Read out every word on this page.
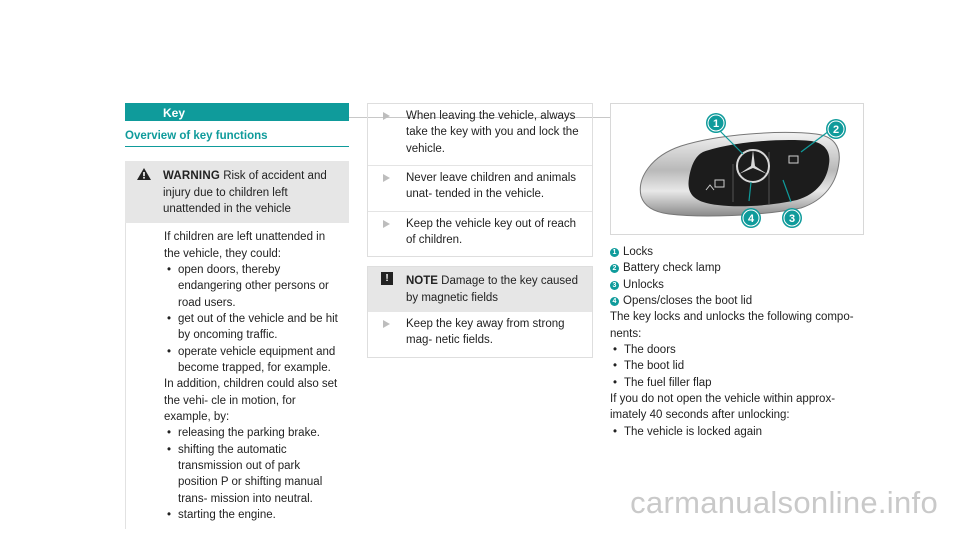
Key
Overview of key functions
WARNING Risk of accident and injury due to children left unattended in the vehicle
If children are left unattended in the vehicle, they could:
• open doors, thereby endangering other persons or road users.
• get out of the vehicle and be hit by oncoming traffic.
• operate vehicle equipment and become trapped, for example.
In addition, children could also set the vehi- cle in motion, for example, by:
• releasing the parking brake.
• shifting the automatic transmission out of park position P or shifting manual trans- mission into neutral.
• starting the engine.
When leaving the vehicle, always take the key with you and lock the vehicle.
Never leave children and animals unat- tended in the vehicle.
Keep the vehicle key out of reach of children.
!	NOTE Damage to the key caused by magnetic fields
Keep the key away from strong mag- netic fields.
1	2
3
4
1 Locks
2 Battery check lamp
3 Unlocks
4 Opens/closes the boot lid
The key locks and unlocks the following compo- nents:
• The doors
• The boot lid
• The fuel filler flap
If you do not open the vehicle within approx- imately 40 seconds after unlocking:
• The vehicle is locked again
carmanualsonline.info
